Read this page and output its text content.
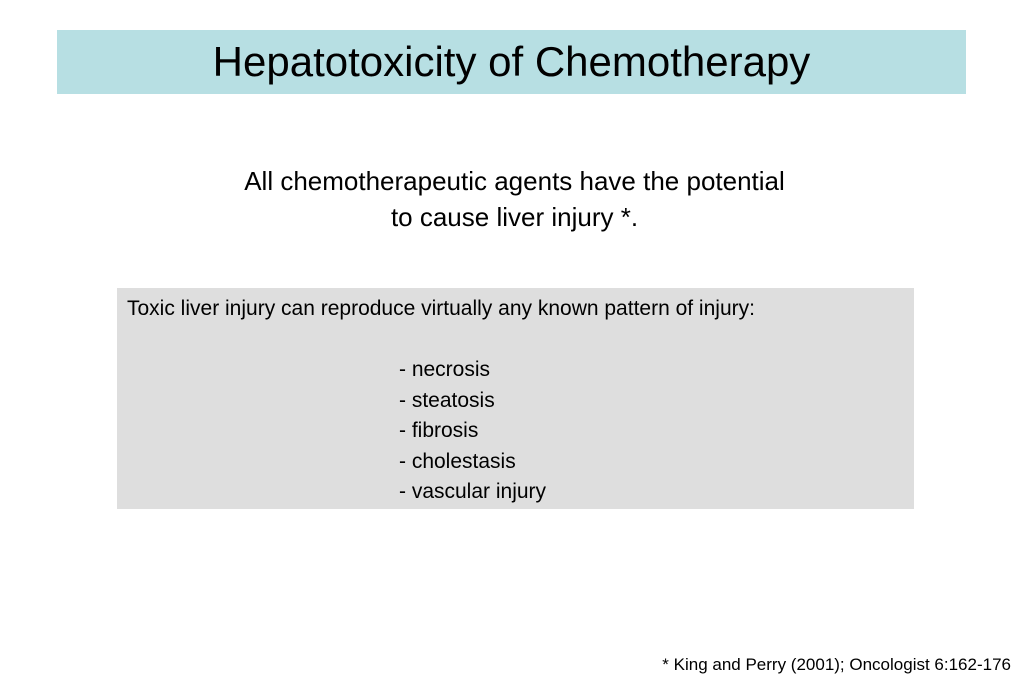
Hepatotoxicity of Chemotherapy
All chemotherapeutic agents have the potential
to cause liver injury *.
Toxic liver injury can reproduce virtually any known pattern of injury:
- necrosis
- steatosis
- fibrosis
- cholestasis
- vascular injury
* King and Perry (2001); Oncologist 6:162-176
